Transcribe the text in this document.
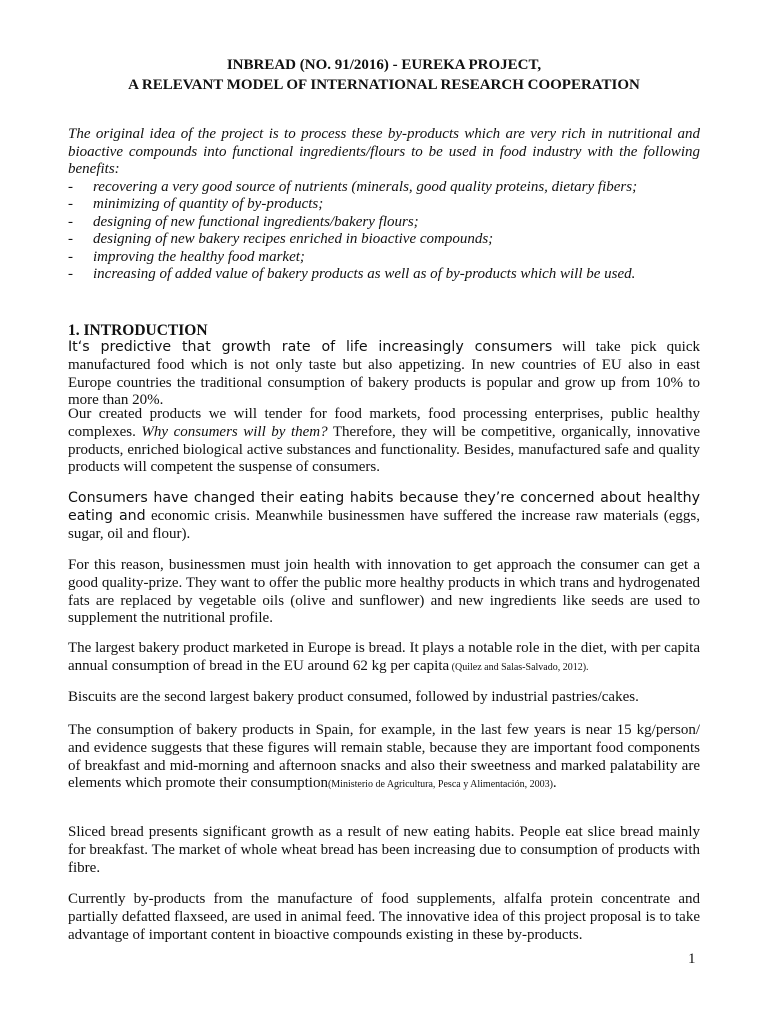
INBREAD (NO. 91/2016) - EUREKA PROJECT,
A RELEVANT MODEL OF INTERNATIONAL RESEARCH COOPERATION

The original idea of the project is to process these by-products which are very rich in nutritional and bioactive compounds into functional ingredients/flours to be used in food industry with the following benefits:

-	recovering a very good source of nutrients (minerals, good quality proteins, dietary fibers;
-	minimizing of quantity of by-products;
-	designing of new functional ingredients/bakery flours;
-	designing of new bakery recipes enriched in bioactive compounds;
-	improving the healthy food market;
-	increasing of added value of bakery products as well as of by-products which will be used.
1. INTRODUCTION

It‘s predictive that growth rate of life increasingly consumers will take pick quick manufactured food which is not only taste but also appetizing. In new countries of EU also in east Europe countries the traditional consumption of bakery products is popular and grow up from 10% to more than 20%.

Our created products we will tender for food markets, food processing enterprises, public healthy complexes. Why consumers will by them? Therefore, they will be competitive, organically, innovative products, enriched biological active substances and functionality. Besides, manufactured safe and quality products will competent the suspense of consumers.

Consumers have changed their eating habits because they’re concerned about healthy eating and economic crisis. Meanwhile businessmen have suffered the increase raw materials (eggs, sugar, oil and flour).

For this reason, businessmen must join health with innovation to get approach the consumer can get a good quality-prize. They want to offer the public more healthy products in which trans and hydrogenated fats are replaced by vegetable oils (olive and sunflower) and new ingredients like seeds are used to supplement the nutritional profile.

The largest bakery product marketed in Europe is bread. It plays a notable role in the diet, with per capita annual consumption of bread in the EU around 62 kg per capita (Quilez and Salas-Salvado, 2012).

Biscuits are the second largest bakery product consumed, followed by industrial pastries/cakes.

The consumption of bakery products in Spain, for example, in the last few years is near 15 kg/person/ and evidence suggests that these figures will remain stable, because they are important food components of breakfast and mid-morning and afternoon snacks and also their sweetness and marked palatability are elements which promote their consumption(Ministerio de Agricultura, Pesca y Alimentación, 2003).

Sliced bread presents significant growth as a result of new eating habits. People eat slice bread mainly for breakfast. The market of whole wheat bread has been increasing due to consumption of products with fibre.

Currently by-products from the manufacture of food supplements, alfalfa protein concentrate and partially defatted flaxseed, are used in animal feed. The innovative idea of this project proposal is to take advantage of important content in bioactive compounds existing in these by-products.

1
